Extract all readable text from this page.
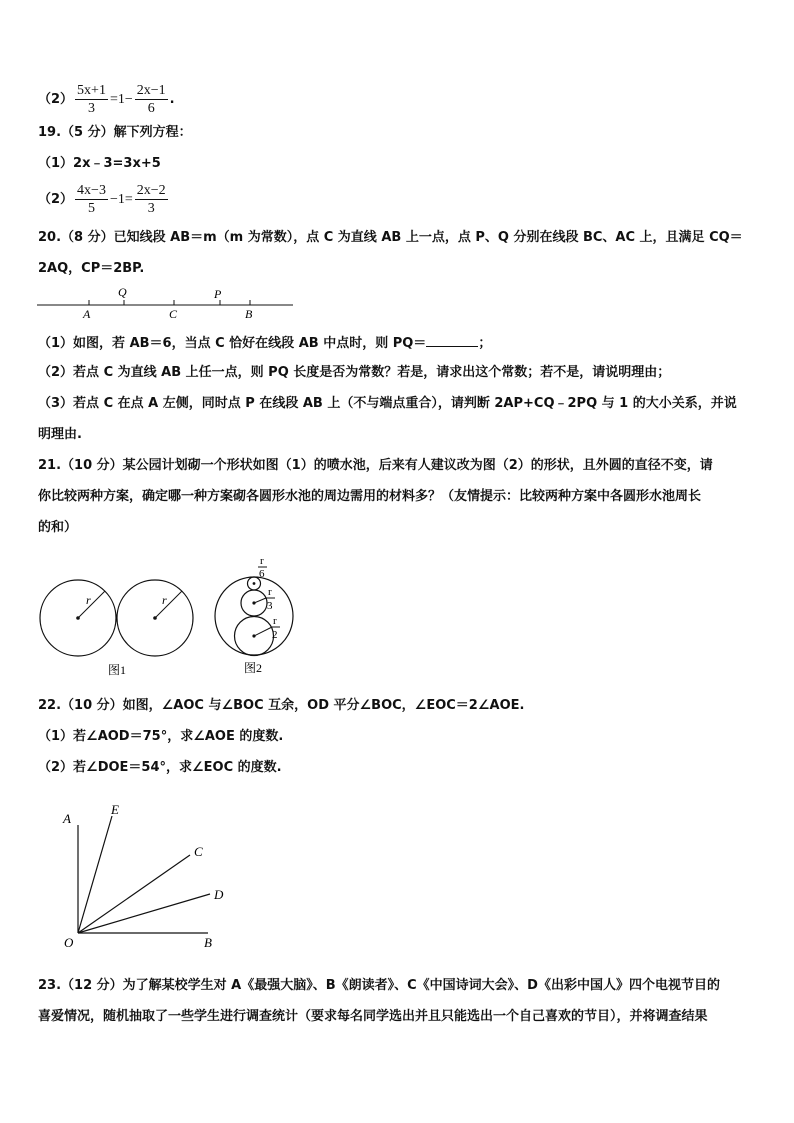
$(2) \frac{5x+1}{3} =1- \frac{2x-1}{6}$ .
19.（5 分）解下列方程：
（1）2x﹣3=3x+5
$(2) \frac{4x-3}{5} -1= \frac{2x-2}{3}$
20.（8 分）已知线段 AB＝m（m 为常数），点 C 为直线 AB 上一点，点 P、Q 分别在线段 BC、AC 上，且满足 CQ＝
2AQ，CP＝2BP.
A
Q
C
P
B
（1）如图，若 AB＝6，当点 C 恰好在线段 AB 中点时，则 PQ＝	；
（2）若点 C 为直线 AB 上任一点，则 PQ 长度是否为常数？若是，请求出这个常数；若不是，请说明理由；
（3）若点 C 在点 A 左侧，同时点 P 在线段 AB 上（不与端点重合），请判断 2AP+CQ﹣2PQ 与 1 的大小关系，并说
明理由.
21.（10 分）某公园计划砌一个形状如图（1）的喷水池，后来有人建议改为图（2）的形状，且外圆的直径不变，请
你比较两种方案，确定哪一种方案砌各圆形水池的周边需用的材料多？（友情提示：比较两种方案中各圆形水池周长
的和）
r	r
图1
r
6
r
3
r
2
图2
22.（10 分）如图，∠AOC 与∠BOC 互余，OD 平分∠BOC，∠EOC＝2∠AOE.
（1）若∠AOD＝75°，求∠AOE 的度数.
（2）若∠DOE＝54°，求∠EOC 的度数.
A
E
C
D
O	B
23.（12 分）为了解某校学生对 A《最强大脑》、B《朗读者》、C《中国诗词大会》、D《出彩中国人》四个电视节目的
喜爱情况，随机抽取了一些学生进行调查统计（要求每名同学选出并且只能选出一个自己喜欢的节目），并将调查结果
